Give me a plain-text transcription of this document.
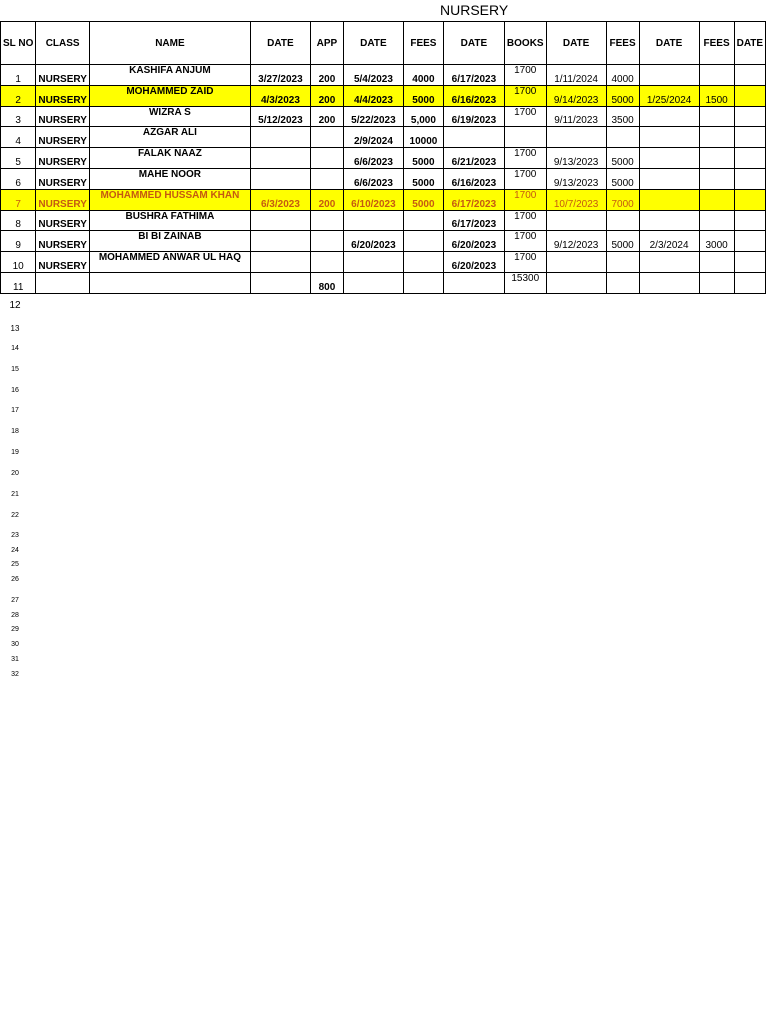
NURSERY
SL NO	CLASS	NAME	DATE	APP	DATE	FEES	DATE	BOOKS	DATE	FEES	DATE	FEES	DATE
1	NURSERY	KASHIFA ANJUM	3/27/2023	200	5/4/2023	4000	6/17/2023	1700	1/11/2024	4000			
2	NURSERY	MOHAMMED ZAID	4/3/2023	200	4/4/2023	5000	6/16/2023	1700	9/14/2023	5000	1/25/2024	1500	
3	NURSERY	WIZRA S	5/12/2023	200	5/22/2023	5,000	6/19/2023	1700	9/11/2023	3500			
4	NURSERY	AZGAR ALI			2/9/2024	10000							
5	NURSERY	FALAK NAAZ			6/6/2023	5000	6/21/2023	1700	9/13/2023	5000			
6	NURSERY	MAHE NOOR			6/6/2023	5000	6/16/2023	1700	9/13/2023	5000			
7	NURSERY	MOHAMMED HUSSAM KHAN	6/3/2023	200	6/10/2023	5000	6/17/2023	1700	10/7/2023	7000			
8	NURSERY	BUSHRA FATHIMA					6/17/2023	1700					
9	NURSERY	BI BI ZAINAB			6/20/2023		6/20/2023	1700	9/12/2023	5000	2/3/2024	3000	
10	NURSERY	MOHAMMED ANWAR UL HAQ					6/20/2023	1700					
11				800				15300					
12
13
14
15
16
17
18
19
20
21
22
23
24
25
26
27
28
29
30
31
32
